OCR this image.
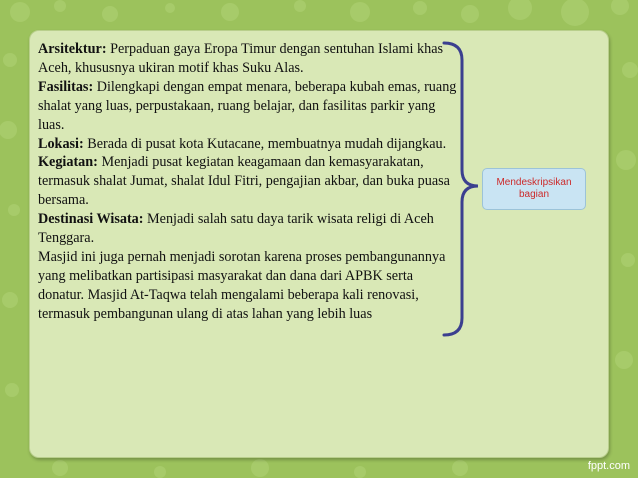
Arsitektur: Perpaduan gaya Eropa Timur dengan sentuhan Islami khas Aceh, khususnya ukiran motif khas Suku Alas.

Fasilitas: Dilengkapi dengan empat menara, beberapa kubah emas, ruang shalat yang luas, perpustakaan, ruang belajar, dan fasilitas parkir yang luas.

Lokasi: Berada di pusat kota Kutacane, membuatnya mudah dijangkau.

Kegiatan: Menjadi pusat kegiatan keagamaan dan kemasyarakatan, termasuk shalat Jumat, shalat Idul Fitri, pengajian akbar, dan buka puasa bersama.

Destinasi Wisata: Menjadi salah satu daya tarik wisata religi di Aceh Tenggara.

Masjid ini juga pernah menjadi sorotan karena proses pembangunannya yang melibatkan partisipasi masyarakat dan dana dari APBK serta donatur. Masjid At-Taqwa telah mengalami beberapa kali renovasi, termasuk pembangunan ulang di atas lahan yang lebih luas

Mendeskripsikan bagian
fppt.com
